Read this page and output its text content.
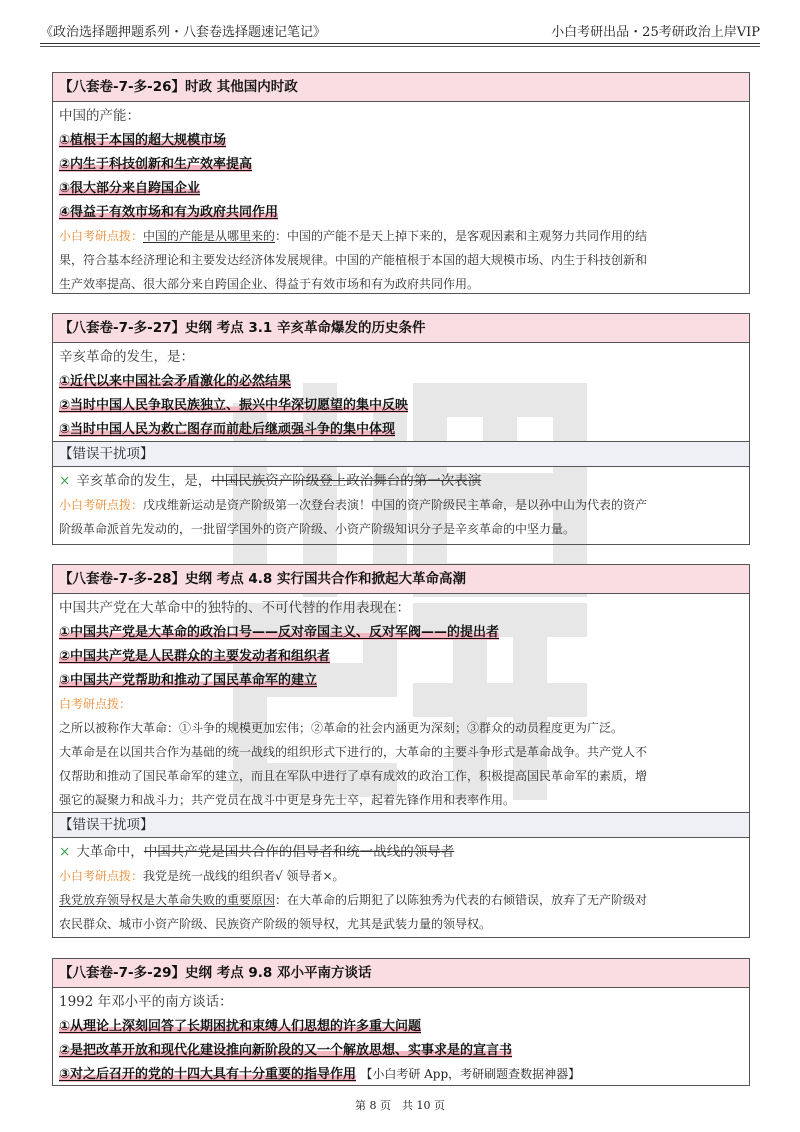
《政治选择题押题系列・八套卷选择题速记笔记》	小白考研出品・25考研政治上岸VIP
【八套卷-7-多-26】时政 其他国内时政
中国的产能：
①植根于本国的超大规模市场
②内生于科技创新和生产效率提高
③很大部分来自跨国企业
④得益于有效市场和有为政府共同作用
小白考研点拨：中国的产能是从哪里来的：中国的产能不是天上掉下来的，是客观因素和主观努力共同作用的结
果，符合基本经济理论和主要发达经济体发展规律。中国的产能植根于本国的超大规模市场、内生于科技创新和
生产效率提高、很大部分来自跨国企业、得益于有效市场和有为政府共同作用。
【八套卷-7-多-27】史纲 考点 3.1 辛亥革命爆发的历史条件
辛亥革命的发生，是：
①近代以来中国社会矛盾激化的必然结果
②当时中国人民争取民族独立、振兴中华深切愿望的集中反映
③当时中国人民为救亡图存而前赴后继顽强斗争的集中体现
【错误干扰项】
× 辛亥革命的发生，是，中国民族资产阶级登上政治舞台的第一次表演
小白考研点拨：戊戌维新运动是资产阶级第一次登台表演！中国的资产阶级民主革命，是以孙中山为代表的资产
阶级革命派首先发动的，一批留学国外的资产阶级、小资产阶级知识分子是辛亥革命的中坚力量。
【八套卷-7-多-28】史纲 考点 4.8 实行国共合作和掀起大革命高潮
中国共产党在大革命中的独特的、不可代替的作用表现在：
①中国共产党是大革命的政治口号——反对帝国主义、反对军阀——的提出者
②中国共产党是人民群众的主要发动者和组织者
③中国共产党帮助和推动了国民革命军的建立
白考研点拨：
之所以被称作大革命：①斗争的规模更加宏伟；②革命的社会内涵更为深刻；③群众的动员程度更为广泛。
大革命是在以国共合作为基础的统一战线的组织形式下进行的，大革命的主要斗争形式是革命战争。共产党人不
仅帮助和推动了国民革命军的建立，而且在军队中进行了卓有成效的政治工作，积极提高国民革命军的素质，增
强它的凝聚力和战斗力；共产党员在战斗中更是身先士卒，起着先锋作用和表率作用。
【错误干扰项】
× 大革命中，中国共产党是国共合作的倡导者和统一战线的领导者
小白考研点拨：我党是统一战线的组织者√ 领导者×。
我党放弃领导权是大革命失败的重要原因：在大革命的后期犯了以陈独秀为代表的右倾错误，放弃了无产阶级对
农民群众、城市小资产阶级、民族资产阶级的领导权，尤其是武装力量的领导权。
【八套卷-7-多-29】史纲 考点 9.8 邓小平南方谈话
1992 年邓小平的南方谈话：
①从理论上深刻回答了长期困扰和束缚人们思想的许多重大问题
②是把改革开放和现代化建设推向新阶段的又一个解放思想、实事求是的宣言书
③对之后召开的党的十四大具有十分重要的指导作用 【小白考研 App，考研刷题查数据神器】
第 8 页　共 10 页
